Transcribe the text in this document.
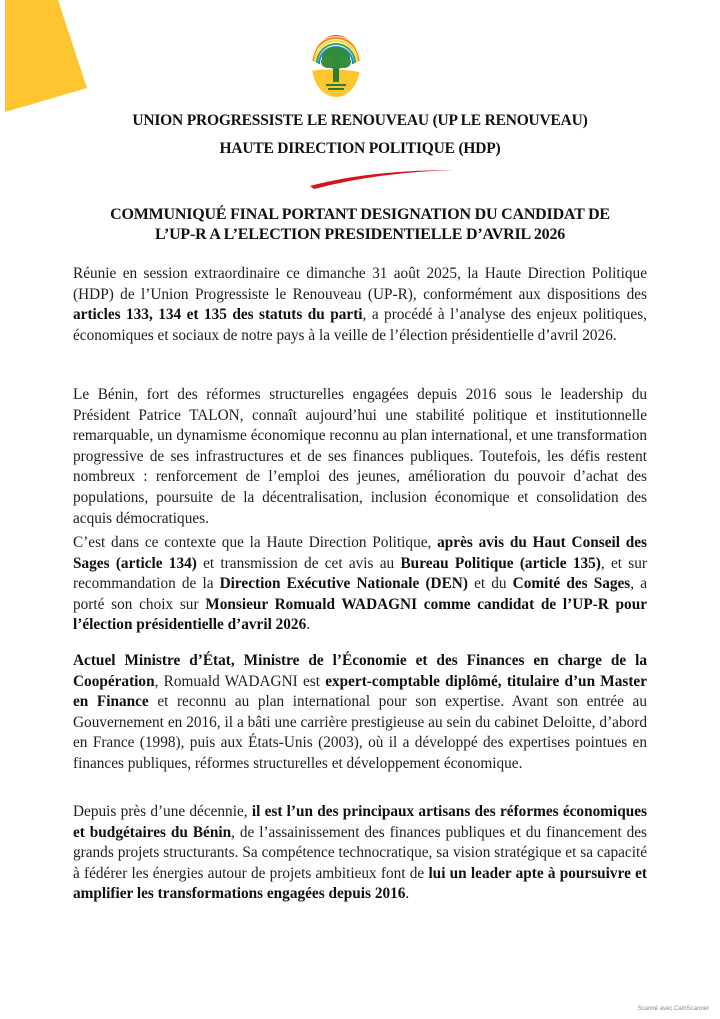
UNION PROGRESSISTE LE RENOUVEAU (UP LE RENOUVEAU)
HAUTE DIRECTION POLITIQUE (HDP)
COMMUNIQUÉ FINAL PORTANT DESIGNATION DU CANDIDAT DE
L’UP-R A L’ELECTION PRESIDENTIELLE D’AVRIL 2026

Réunie en session extraordinaire ce dimanche 31 août 2025, la Haute Direction Politique (HDP) de l’Union Progressiste le Renouveau (UP-R), conformément aux dispositions des articles 133, 134 et 135 des statuts du parti, a procédé à l’analyse des enjeux politiques, économiques et sociaux de notre pays à la veille de l’élection présidentielle d’avril 2026.

Le Bénin, fort des réformes structurelles engagées depuis 2016 sous le leadership du Président Patrice TALON, connaît aujourd’hui une stabilité politique et institutionnelle remarquable, un dynamisme économique reconnu au plan international, et une transformation progressive de ses infrastructures et de ses finances publiques. Toutefois, les défis restent nombreux : renforcement de l’emploi des jeunes, amélioration du pouvoir d’achat des populations, poursuite de la décentralisation, inclusion économique et consolidation des acquis démocratiques.

C’est dans ce contexte que la Haute Direction Politique, après avis du Haut Conseil des Sages (article 134) et transmission de cet avis au Bureau Politique (article 135), et sur recommandation de la Direction Exécutive Nationale (DEN) et du Comité des Sages, a porté son choix sur Monsieur Romuald WADAGNI comme candidat de l’UP-R pour l’élection présidentielle d’avril 2026.

Actuel Ministre d’État, Ministre de l’Économie et des Finances en charge de la Coopération, Romuald WADAGNI est expert-comptable diplômé, titulaire d’un Master en Finance et reconnu au plan international pour son expertise. Avant son entrée au Gouvernement en 2016, il a bâti une carrière prestigieuse au sein du cabinet Deloitte, d’abord en France (1998), puis aux États-Unis (2003), où il a développé des expertises pointues en finances publiques, réformes structurelles et développement économique.

Depuis près d’une décennie, il est l’un des principaux artisans des réformes économiques et budgétaires du Bénin, de l’assainissement des finances publiques et du financement des grands projets structurants. Sa compétence technocratique, sa vision stratégique et sa capacité à fédérer les énergies autour de projets ambitieux font de lui un leader apte à poursuivre et amplifier les transformations engagées depuis 2016.

Scanné avec CamScanner
